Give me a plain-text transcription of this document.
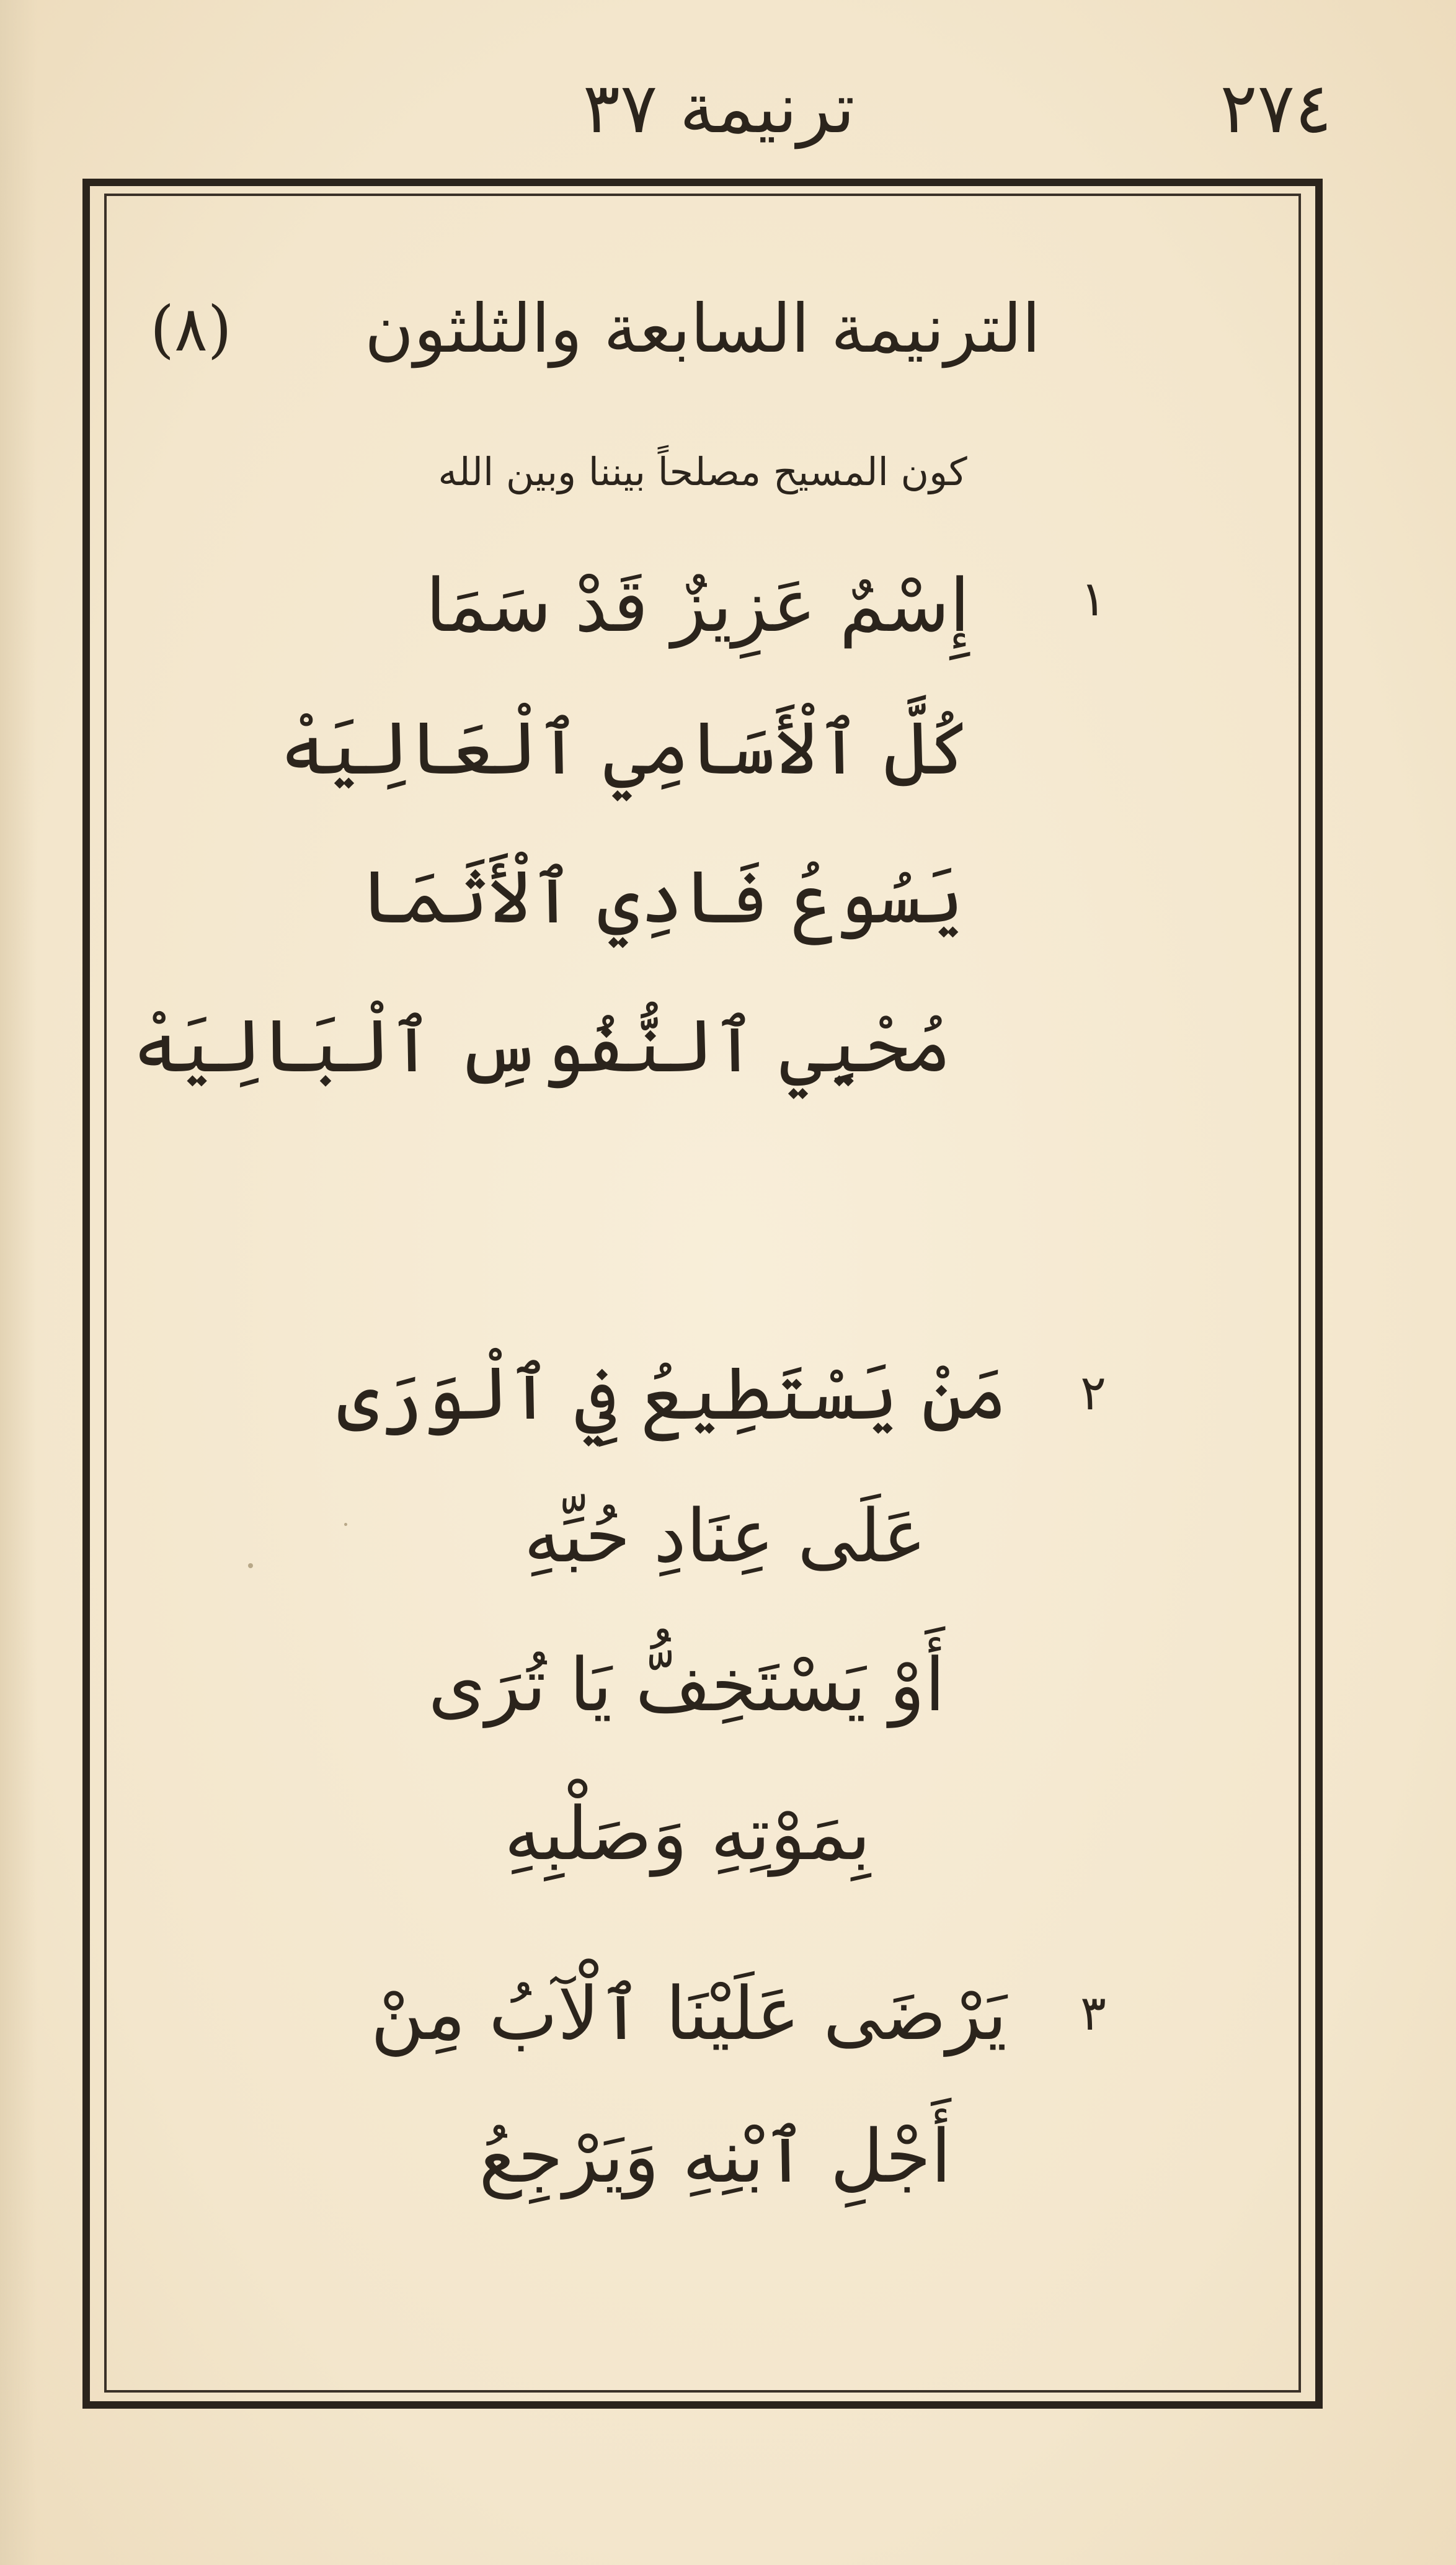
ترنيمة ٣٧	٢٧٤
(٨)	الترنيمة السابعة والثلثون
كون المسيح مصلحاً بيننا وبين الله
١
إِسْمٌ عَزِيزٌ قَدْ سَمَا
كُلَّ ٱلْأَسَامِي ٱلْعَالِيَهْ
يَسُوعُ فَادِي ٱلْأَثَمَا
مُحْيِي ٱلنُّفُوسِ ٱلْبَالِيَهْ
٢
مَنْ يَسْتَطِيعُ فِي ٱلْوَرَى
عَلَى عِنَادِ حُبِّهِ
أَوْ يَسْتَخِفُّ يَا تُرَى
بِمَوْتِهِ وَصَلْبِهِ
٣
يَرْضَى عَلَيْنَا ٱلْآبُ مِنْ
أَجْلِ ٱبْنِهِ وَيَرْجِعُ
